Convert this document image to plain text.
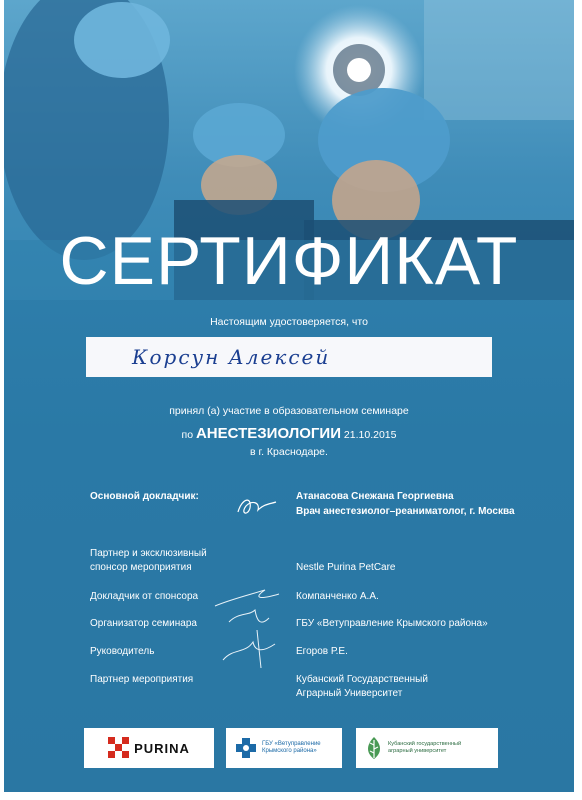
СЕРТИФИКАТ
Настоящим удостоверяется, что
Корсун Алексей
принял (а) участие в образовательном семинаре
по АНЕСТЕЗИОЛОГИИ 21.10.2015
в г. Краснодаре.
Основной докладчик:	Атанасова Снежана Георгиевна
Врач анестезиолог–реаниматолог, г. Москва
Партнер и эксклюзивный
спонсор мероприятия	Nestle Purina PetCare
Докладчик от спонсора	Компанченко А.А.
Организатор семинара	ГБУ «Ветуправление Крымского района»
Руководитель	Егоров Р.Е.
Партнер мероприятия	Кубанский Государственный
Аграрный Университет
PURINA	ГБУ «Ветуправление
Крымского района»
Кубанский государственный
аграрный университет
